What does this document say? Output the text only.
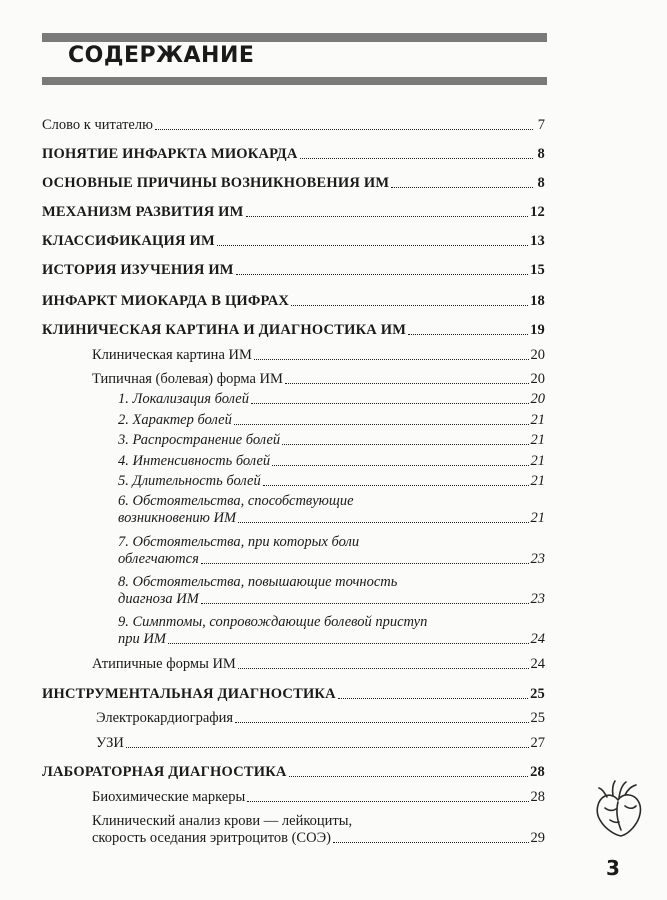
СОДЕРЖАНИЕ
Слово к читателю	7
ПОНЯТИЕ ИНФАРКТА МИОКАРДА	8
ОСНОВНЫЕ ПРИЧИНЫ ВОЗНИКНОВЕНИЯ ИМ	8
МЕХАНИЗМ РАЗВИТИЯ ИМ	12
КЛАССИФИКАЦИЯ ИМ	13
ИСТОРИЯ ИЗУЧЕНИЯ ИМ	15
ИНФАРКТ МИОКАРДА В ЦИФРАХ	18
КЛИНИЧЕСКАЯ КАРТИНА И ДИАГНОСТИКА ИМ	19
Клиническая картина ИМ	20
Типичная (болевая) форма ИМ	20
1. Локализация болей	20
2. Характер болей	21
3. Распространение болей	21
4. Интенсивность болей	21
5. Длительность болей	21
6. Обстоятельства, способствующие
возникновению ИМ	21
7. Обстоятельства, при которых боли
облегчаются	23
8. Обстоятельства, повышающие точность
диагноза ИМ	23
9. Симптомы, сопровождающие болевой приступ
при ИМ	24
Атипичные формы ИМ	24
ИНСТРУМЕНТАЛЬНАЯ ДИАГНОСТИКА	25
Электрокардиография	25
УЗИ	27
ЛАБОРАТОРНАЯ ДИАГНОСТИКА	28
Биохимические маркеры	28
Клинический анализ крови — лейкоциты,
скорость оседания эритроцитов (СОЭ)	29
3
